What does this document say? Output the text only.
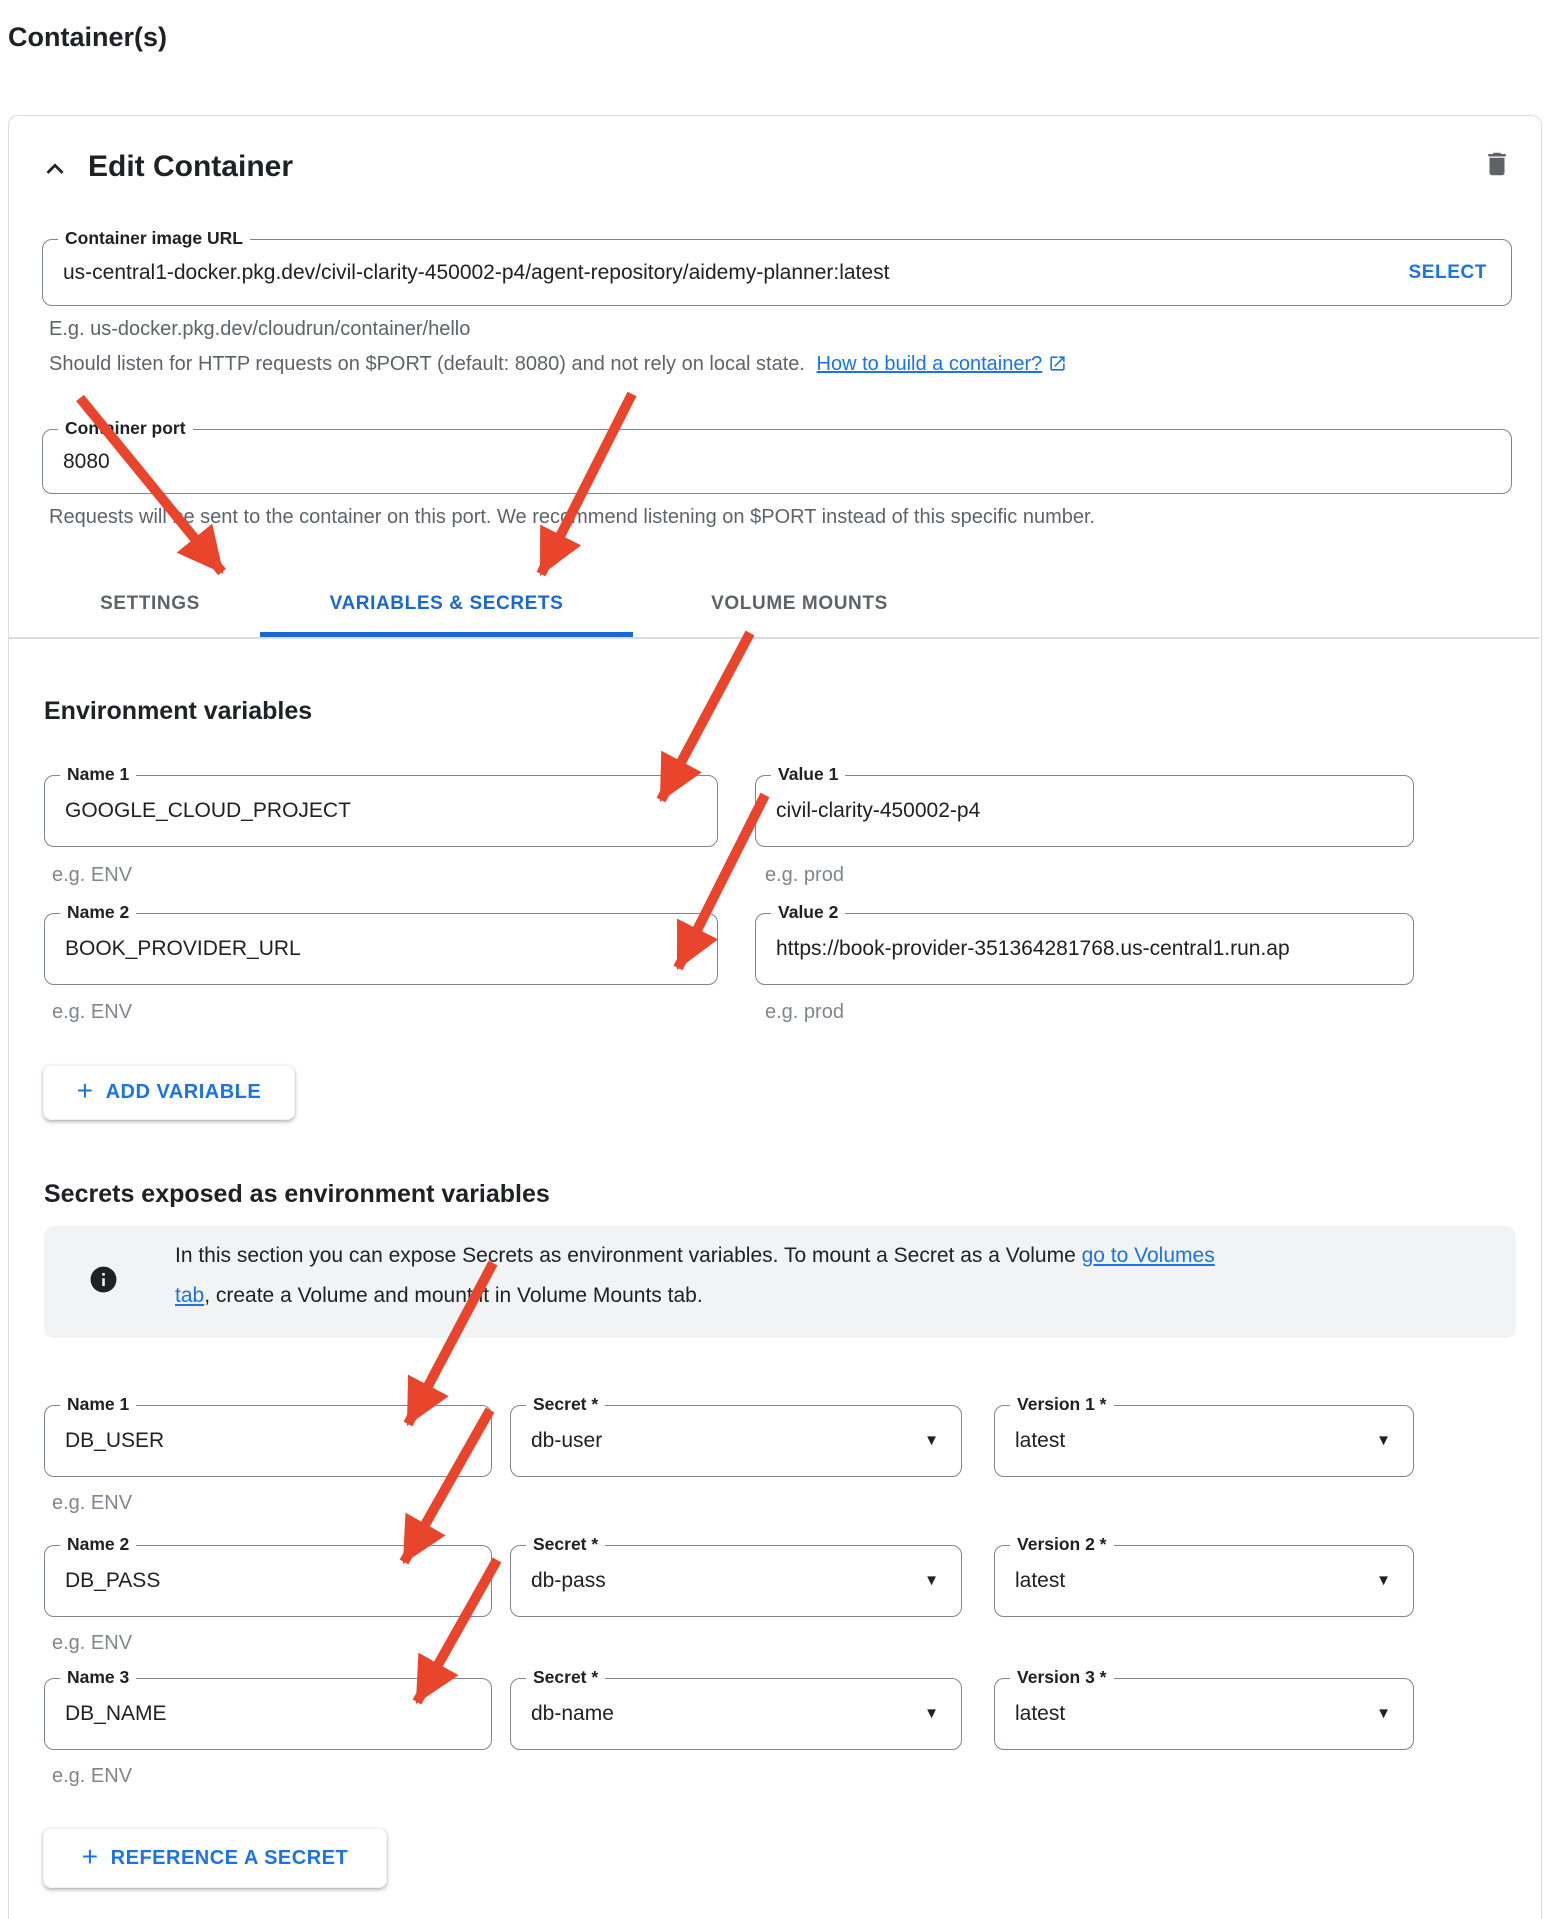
Container(s)
Edit Container
Container image URL
us-central1-docker.pkg.dev/civil-clarity-450002-p4/agent-repository/aidemy-planner:latest	SELECT
E.g. us-docker.pkg.dev/cloudrun/container/hello
Should listen for HTTP requests on $PORT (default: 8080) and not rely on local state. How to build a container?
Container port
8080
Requests will be sent to the container on this port. We recommend listening on $PORT instead of this specific number.
SETTINGS	VARIABLES & SECRETS	VOLUME MOUNTS
Environment variables
Name 1
GOOGLE_CLOUD_PROJECT
Value 1
civil-clarity-450002-p4
e.g. ENV	e.g. prod
Name 2
BOOK_PROVIDER_URL
Value 2
https://book-provider-351364281768.us-central1.run.ap
e.g. ENV	e.g. prod
+ ADD VARIABLE
Secrets exposed as environment variables
In this section you can expose Secrets as environment variables. To mount a Secret as a Volume go to Volumes
tab, create a Volume and mount it in Volume Mounts tab.
Name 1
DB_USER
Secret *
db-user	▼
Version 1 *
latest	▼
e.g. ENV
Name 2
DB_PASS
Secret *
db-pass	▼
Version 2 *
latest	▼
e.g. ENV
Name 3
DB_NAME
Secret *
db-name	▼
Version 3 *
latest	▼
e.g. ENV
+ REFERENCE A SECRET
